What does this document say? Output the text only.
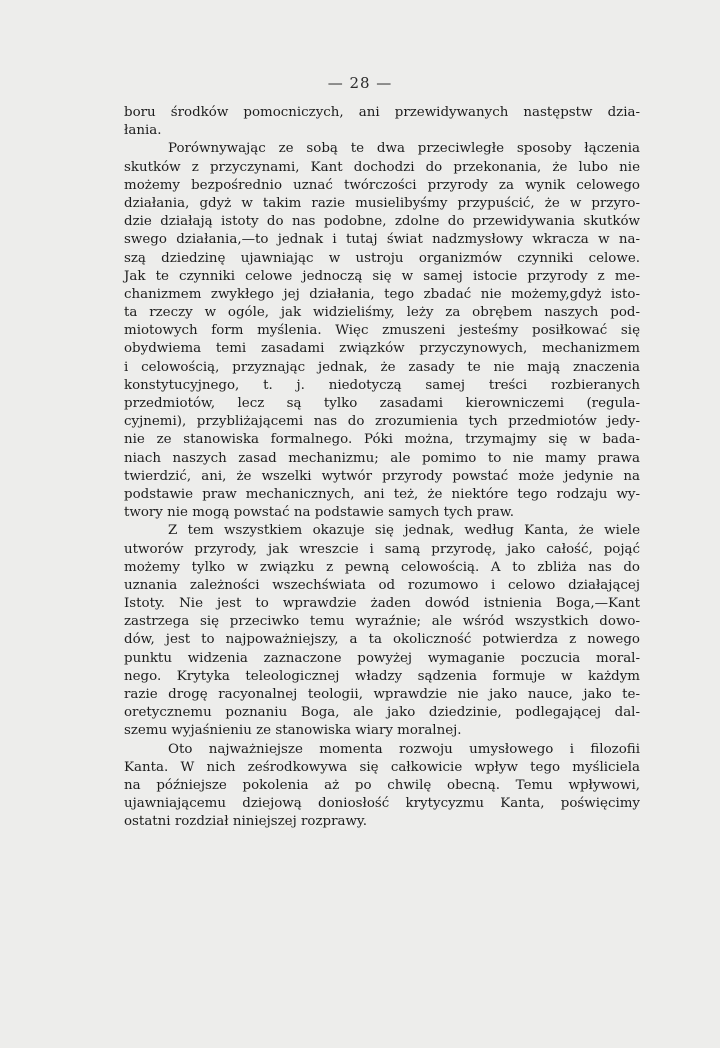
— 28 —
boru środków pomocniczych, ani przewidywanych następstw dzia-
łania.
Porównywając ze sobą te dwa przeciwległe sposoby łączenia
skutków z przyczynami, Kant dochodzi do przekonania, że lubo nie
możemy bezpośrednio uznać twórczości przyrody za wynik celowego
działania, gdyż w takim razie musielibyśmy przypuścić, że w przyro-
dzie działają istoty do nas podobne, zdolne do przewidywania skutków
swego działania,—to jednak i tutaj świat nadzmysłowy wkracza w na-
szą dziedzinę ujawniając w ustroju organizmów czynniki celowe.
Jak te czynniki celowe jednoczą się w samej istocie przyrody z me-
chanizmem zwykłego jej działania, tego zbadać nie możemy,gdyż isto-
ta rzeczy w ogóle, jak widzieliśmy, leży za obrębem naszych pod-
miotowych form myślenia. Więc zmuszeni jesteśmy posiłkować się
obydwiema temi zasadami związków przyczynowych, mechanizmem
i celowością, przyznając jednak, że zasady te nie mają znaczenia
konstytucyjnego, t. j. niedotyczą samej treści rozbieranych
przedmiotów, lecz są tylko zasadami kierowniczemi (regula-
cyjnemi), przybliżającemi nas do zrozumienia tych przedmiotów jedy-
nie ze stanowiska formalnego. Póki można, trzymajmy się w bada-
niach naszych zasad mechanizmu; ale pomimo to nie mamy prawa
twierdzić, ani, że wszelki wytwór przyrody powstać może jedynie na
podstawie praw mechanicznych, ani też, że niektóre tego rodzaju wy-
twory nie mogą powstać na podstawie samych tych praw.
Z tem wszystkiem okazuje się jednak, według Kanta, że wiele
utworów przyrody, jak wreszcie i samą przyrodę, jako całość, pojąć
możemy tylko w związku z pewną celowością. A to zbliża nas do
uznania zależności wszechświata od rozumowo i celowo działającej
Istoty. Nie jest to wprawdzie żaden dowód istnienia Boga,—Kant
zastrzega się przeciwko temu wyraźnie; ale wśród wszystkich dowo-
dów, jest to najpoważniejszy, a ta okoliczność potwierdza z nowego
punktu widzenia zaznaczone powyżej wymaganie poczucia moral-
nego. Krytyka teleologicznej władzy sądzenia formuje w każdym
razie drogę racyonalnej teologii, wprawdzie nie jako nauce, jako te-
oretycznemu poznaniu Boga, ale jako dziedzinie, podlegającej dal-
szemu wyjaśnieniu ze stanowiska wiary moralnej.
Oto najważniejsze momenta rozwoju umysłowego i filozofii
Kanta. W nich ześrodkowywa się całkowicie wpływ tego myśliciela
na późniejsze pokolenia aż po chwilę obecną. Temu wpływowi,
ujawniającemu dziejową doniosłość krytycyzmu Kanta, poświęcimy
ostatni rozdział niniejszej rozprawy.
